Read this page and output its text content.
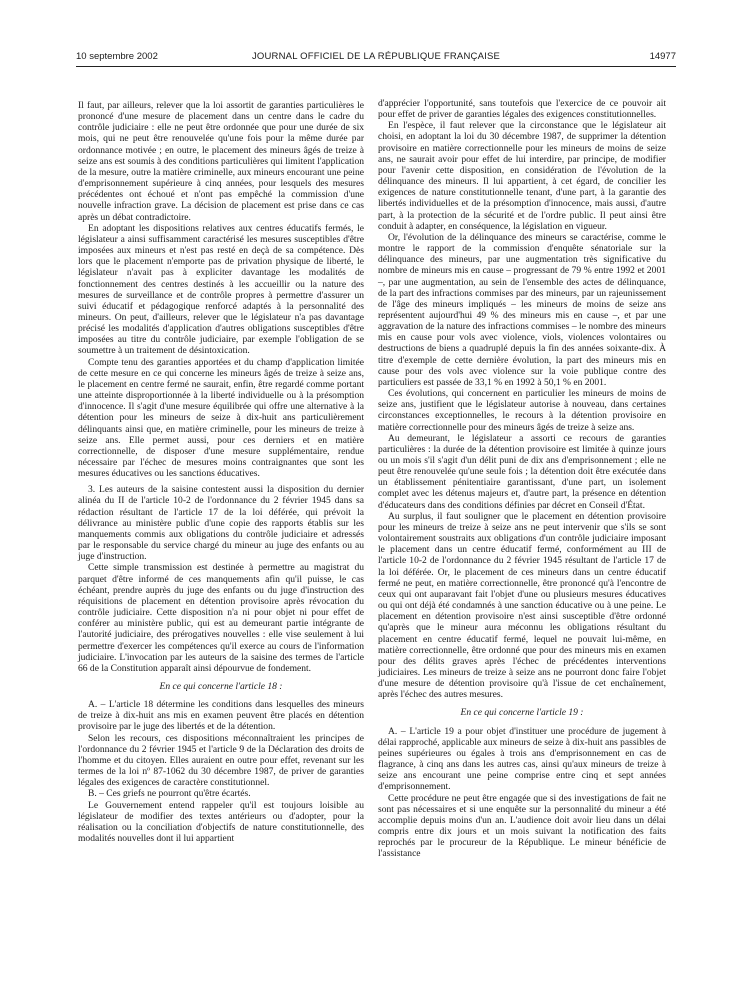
10 septembre 2002	JOURNAL OFFICIEL DE LA RÉPUBLIQUE FRANÇAISE	14977

Il faut, par ailleurs, relever que la loi assortit de garanties particulières le prononcé d'une mesure de placement dans un centre dans le cadre du contrôle judiciaire : elle ne peut être ordonnée que pour une durée de six mois, qui ne peut être renouvelée qu'une fois pour la même durée par ordonnance motivée ; en outre, le placement des mineurs âgés de treize à seize ans est soumis à des conditions particulières qui limitent l'application de la mesure, outre la matière criminelle, aux mineurs encourant une peine d'emprisonnement supérieure à cinq années, pour lesquels des mesures précédentes ont échoué et n'ont pas empêché la commission d'une nouvelle infraction grave. La décision de placement est prise dans ce cas après un débat contradictoire.

En adoptant les dispositions relatives aux centres éducatifs fermés, le législateur a ainsi suffisamment caractérisé les mesures susceptibles d'être imposées aux mineurs et n'est pas resté en deçà de sa compétence. Dès lors que le placement n'emporte pas de privation physique de liberté, le législateur n'avait pas à expliciter davantage les modalités de fonctionnement des centres destinés à les accueillir ou la nature des mesures de surveillance et de contrôle propres à permettre d'assurer un suivi éducatif et pédagogique renforcé adaptés à la personnalité des mineurs. On peut, d'ailleurs, relever que le législateur n'a pas davantage précisé les modalités d'application d'autres obligations susceptibles d'être imposées au titre du contrôle judiciaire, par exemple l'obligation de se soumettre à un traitement de désintoxication.

Compte tenu des garanties apportées et du champ d'application limitée de cette mesure en ce qui concerne les mineurs âgés de treize à seize ans, le placement en centre fermé ne saurait, enfin, être regardé comme portant une atteinte disproportionnée à la liberté individuelle ou à la présomption d'innocence. Il s'agit d'une mesure équilibrée qui offre une alternative à la détention pour les mineurs de seize à dix-huit ans particulièrement délinquants ainsi que, en matière criminelle, pour les mineurs de treize à seize ans. Elle permet aussi, pour ces derniers et en matière correctionnelle, de disposer d'une mesure supplémentaire, rendue nécessaire par l'échec de mesures moins contraignantes que sont les mesures éducatives ou les sanctions éducatives.

3. Les auteurs de la saisine contestent aussi la disposition du dernier alinéa du II de l'article 10-2 de l'ordonnance du 2 février 1945 dans sa rédaction résultant de l'article 17 de la loi déférée, qui prévoit la délivrance au ministère public d'une copie des rapports établis sur les manquements commis aux obligations du contrôle judiciaire et adressés par le responsable du service chargé du mineur au juge des enfants ou au juge d'instruction.

Cette simple transmission est destinée à permettre au magistrat du parquet d'être informé de ces manquements afin qu'il puisse, le cas échéant, prendre auprès du juge des enfants ou du juge d'instruction des réquisitions de placement en détention provisoire après révocation du contrôle judiciaire. Cette disposition n'a ni pour objet ni pour effet de conférer au ministère public, qui est au demeurant partie intégrante de l'autorité judiciaire, des prérogatives nouvelles : elle vise seulement à lui permettre d'exercer les compétences qu'il exerce au cours de l'information judiciaire. L'invocation par les auteurs de la saisine des termes de l'article 66 de la Constitution apparaît ainsi dépourvue de fondement.

En ce qui concerne l'article 18 :

A. – L'article 18 détermine les conditions dans lesquelles des mineurs de treize à dix-huit ans mis en examen peuvent être placés en détention provisoire par le juge des libertés et de la détention.

Selon les recours, ces dispositions méconnaîtraient les principes de l'ordonnance du 2 février 1945 et l'article 9 de la Déclaration des droits de l'homme et du citoyen. Elles auraient en outre pour effet, revenant sur les termes de la loi nº 87-1062 du 30 décembre 1987, de priver de garanties légales des exigences de caractère constitutionnel.

B. – Ces griefs ne pourront qu'être écartés.

Le Gouvernement entend rappeler qu'il est toujours loisible au législateur de modifier des textes antérieurs ou d'adopter, pour la réalisation ou la conciliation d'objectifs de nature constitutionnelle, des modalités nouvelles dont il lui appartient

d'apprécier l'opportunité, sans toutefois que l'exercice de ce pouvoir ait pour effet de priver de garanties légales des exigences constitutionnelles.

En l'espèce, il faut relever que la circonstance que le législateur ait choisi, en adoptant la loi du 30 décembre 1987, de supprimer la détention provisoire en matière correctionnelle pour les mineurs de moins de seize ans, ne saurait avoir pour effet de lui interdire, par principe, de modifier pour l'avenir cette disposition, en considération de l'évolution de la délinquance des mineurs. Il lui appartient, à cet égard, de concilier les exigences de nature constitutionnelle tenant, d'une part, à la garantie des libertés individuelles et de la présomption d'innocence, mais aussi, d'autre part, à la protection de la sécurité et de l'ordre public. Il peut ainsi être conduit à adapter, en conséquence, la législation en vigueur.

Or, l'évolution de la délinquance des mineurs se caractérise, comme le montre le rapport de la commission d'enquête sénatoriale sur la délinquance des mineurs, par une augmentation très significative du nombre de mineurs mis en cause – progressant de 79 % entre 1992 et 2001 –, par une augmentation, au sein de l'ensemble des actes de délinquance, de la part des infractions commises par des mineurs, par un rajeunissement de l'âge des mineurs impliqués – les mineurs de moins de seize ans représentent aujourd'hui 49 % des mineurs mis en cause –, et par une aggravation de la nature des infractions commises – le nombre des mineurs mis en cause pour vols avec violence, viols, violences volontaires ou destructions de biens a quadruplé depuis la fin des années soixante-dix. À titre d'exemple de cette dernière évolution, la part des mineurs mis en cause pour des vols avec violence sur la voie publique contre des particuliers est passée de 33,1 % en 1992 à 50,1 % en 2001.

Ces évolutions, qui concernent en particulier les mineurs de moins de seize ans, justifient que le législateur autorise à nouveau, dans certaines circonstances exceptionnelles, le recours à la détention provisoire en matière correctionnelle pour des mineurs âgés de treize à seize ans.

Au demeurant, le législateur a assorti ce recours de garanties particulières : la durée de la détention provisoire est limitée à quinze jours ou un mois s'il s'agit d'un délit puni de dix ans d'emprisonnement ; elle ne peut être renouvelée qu'une seule fois ; la détention doit être exécutée dans un établissement pénitentiaire garantissant, d'une part, un isolement complet avec les détenus majeurs et, d'autre part, la présence en détention d'éducateurs dans des conditions définies par décret en Conseil d'État.

Au surplus, il faut souligner que le placement en détention provisoire pour les mineurs de treize à seize ans ne peut intervenir que s'ils se sont volontairement soustraits aux obligations d'un contrôle judiciaire imposant le placement dans un centre éducatif fermé, conformément au III de l'article 10-2 de l'ordonnance du 2 février 1945 résultant de l'article 17 de la loi déférée. Or, le placement de ces mineurs dans un centre éducatif fermé ne peut, en matière correctionnelle, être prononcé qu'à l'encontre de ceux qui ont auparavant fait l'objet d'une ou plusieurs mesures éducatives ou qui ont déjà été condamnés à une sanction éducative ou à une peine. Le placement en détention provisoire n'est ainsi susceptible d'être ordonné qu'après que le mineur aura méconnu les obligations résultant du placement en centre éducatif fermé, lequel ne pouvait lui-même, en matière correctionnelle, être ordonné que pour des mineurs mis en examen pour des délits graves après l'échec de précédentes interventions judiciaires. Les mineurs de treize à seize ans ne pourront donc faire l'objet d'une mesure de détention provisoire qu'à l'issue de cet enchaînement, après l'échec des autres mesures.

En ce qui concerne l'article 19 :

A. – L'article 19 a pour objet d'instituer une procédure de jugement à délai rapproché, applicable aux mineurs de seize à dix-huit ans passibles de peines supérieures ou égales à trois ans d'emprisonnement en cas de flagrance, à cinq ans dans les autres cas, ainsi qu'aux mineurs de treize à seize ans encourant une peine comprise entre cinq et sept années d'emprisonnement.

Cette procédure ne peut être engagée que si des investigations de fait ne sont pas nécessaires et si une enquête sur la personnalité du mineur a été accomplie depuis moins d'un an. L'audience doit avoir lieu dans un délai compris entre dix jours et un mois suivant la notification des faits reprochés par le procureur de la République. Le mineur bénéficie de l'assistance
